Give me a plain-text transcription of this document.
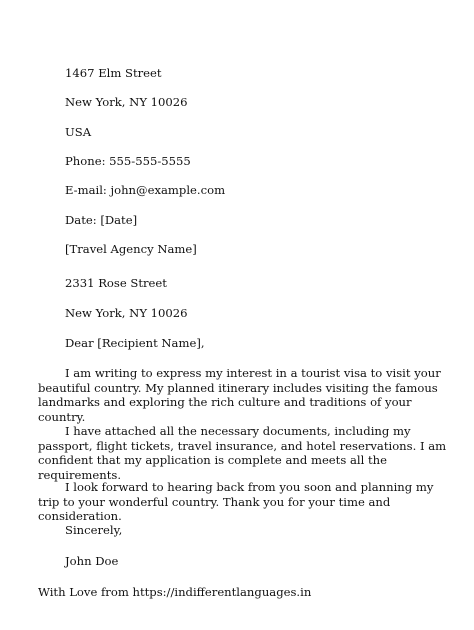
1467 Elm Street
New York, NY 10026
USA
Phone: 555-555-5555
E-mail: john@example.com
Date: [Date]
[Travel Agency Name]
2331 Rose Street
New York, NY 10026
Dear [Recipient Name],

I am writing to express my interest in a tourist visa to visit your beautiful country. My planned itinerary includes visiting the famous landmarks and exploring the rich culture and traditions of your country.

I have attached all the necessary documents, including my passport, flight tickets, travel insurance, and hotel reservations. I am confident that my application is complete and meets all the requirements.

I look forward to hearing back from you soon and planning my trip to your wonderful country. Thank you for your time and consideration.

Sincerely,
John Doe
With Love from https://indifferentlanguages.in
